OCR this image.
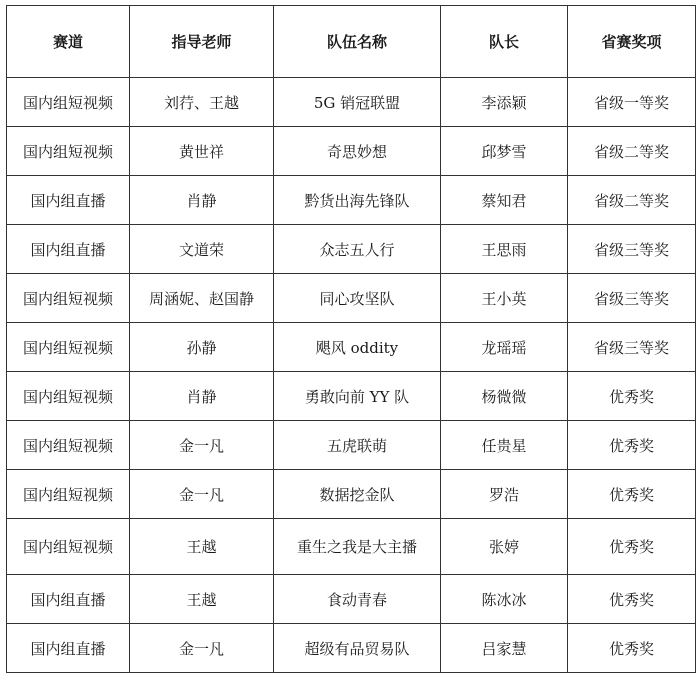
赛道	指导老师	队伍名称	队长	省赛奖项
国内组短视频	刘荇、王越	5G 销冠联盟	李添颖	省级一等奖
国内组短视频	黄世祥	奇思妙想	邱梦雪	省级二等奖
国内组直播	肖静	黔货出海先锋队	蔡知君	省级二等奖
国内组直播	文道荣	众志五人行	王思雨	省级三等奖
国内组短视频	周涵妮、赵国静	同心攻坚队	王小英	省级三等奖
国内组短视频	孙静	飓风 oddity	龙瑶瑶	省级三等奖
国内组短视频	肖静	勇敢向前 YY 队	杨微微	优秀奖
国内组短视频	金一凡	五虎联萌	任贵星	优秀奖
国内组短视频	金一凡	数据挖金队	罗浩	优秀奖
国内组短视频	王越	重生之我是大主播	张婷	优秀奖
国内组直播	王越	食动青春	陈冰冰	优秀奖
国内组直播	金一凡	超级有品贸易队	吕家慧	优秀奖
